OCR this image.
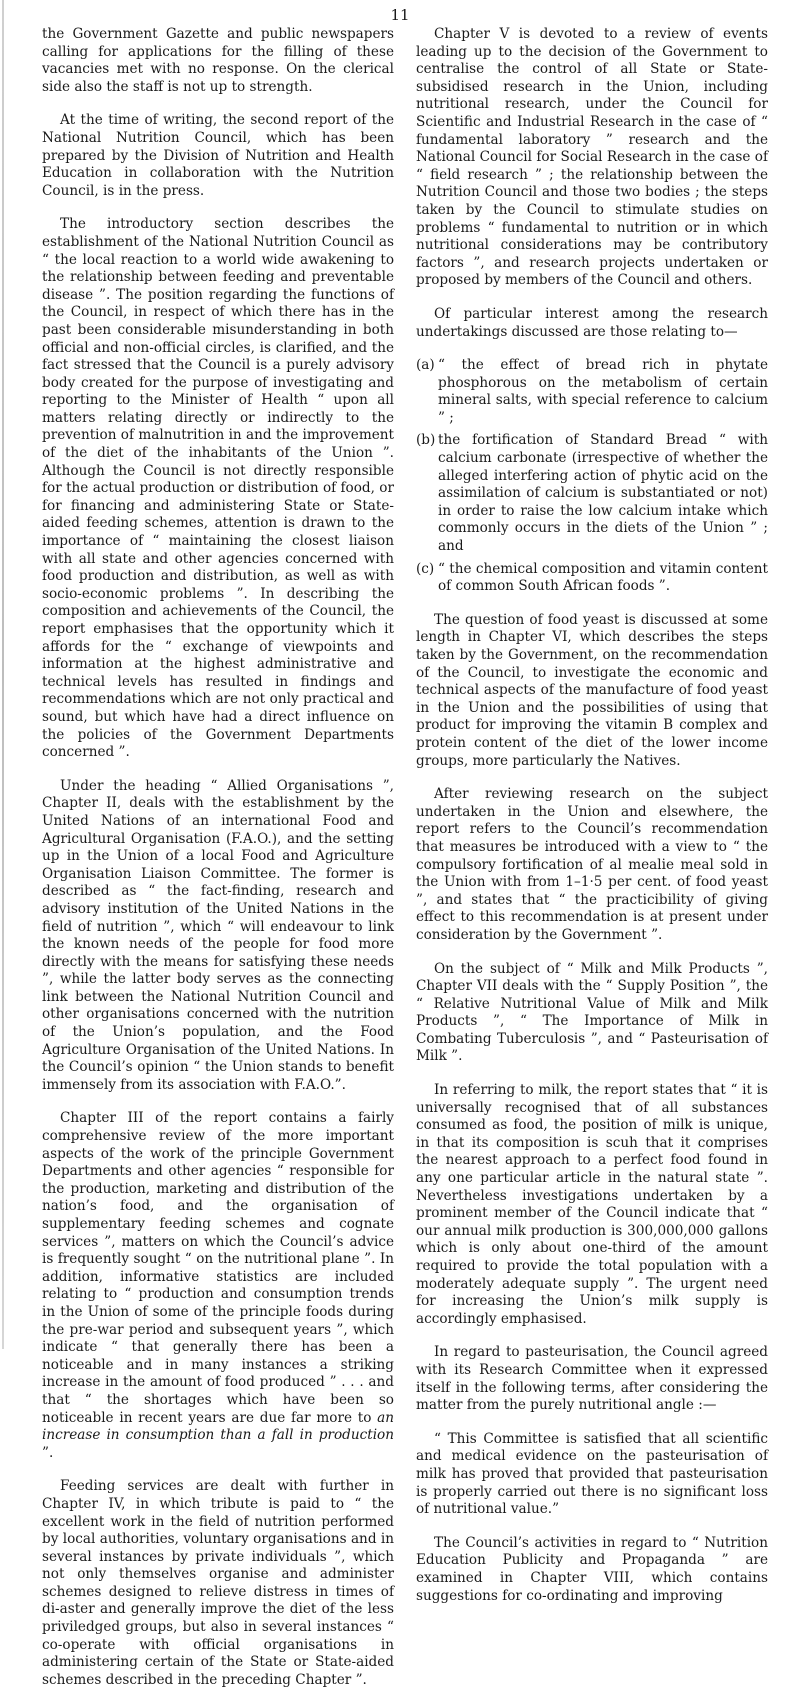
11

the Government Gazette and public newspapers calling for applications for the filling of these vacancies met with no response. On the clerical side also the staff is not up to strength.

At the time of writing, the second report of the National Nutrition Council, which has been prepared by the Division of Nutrition and Health Education in collaboration with the Nutrition Council, is in the press.

The introductory section describes the establishment of the National Nutrition Council as “ the local reaction to a world wide awakening to the relationship between feeding and preventable disease ”. The position regarding the functions of the Council, in respect of which there has in the past been considerable misunderstanding in both official and non-official circles, is clarified, and the fact stressed that the Council is a purely advisory body created for the purpose of investigating and reporting to the Minister of Health “ upon all matters relating directly or indirectly to the prevention of malnutrition in and the improvement of the diet of the inhabitants of the Union ”. Although the Council is not directly responsible for the actual production or distribution of food, or for financing and administering State or State-aided feeding schemes, attention is drawn to the importance of “ maintaining the closest liaison with all state and other agencies concerned with food production and distribution, as well as with socio-economic problems ”. In describing the composition and achievements of the Council, the report emphasises that the opportunity which it affords for the “ exchange of viewpoints and information at the highest administrative and technical levels has resulted in findings and recommendations which are not only practical and sound, but which have had a direct influence on the policies of the Government Departments concerned ”.

Under the heading “ Allied Organisations ”, Chapter II, deals with the establishment by the United Nations of an international Food and Agricultural Organisation (F.A.O.), and the setting up in the Union of a local Food and Agriculture Organisation Liaison Committee. The former is described as “ the fact-finding, research and advisory institution of the United Nations in the field of nutrition ”, which “ will endeavour to link the known needs of the people for food more directly with the means for satisfying these needs ”, while the latter body serves as the connecting link between the National Nutrition Council and other organisations concerned with the nutrition of the Union’s population, and the Food Agriculture Organisation of the United Nations. In the Council’s opinion “ the Union stands to benefit immensely from its association with F.A.O.”.

Chapter III of the report contains a fairly comprehensive review of the more important aspects of the work of the principle Government Departments and other agencies “ responsible for the production, marketing and distribution of the nation’s food, and the organisation of supplementary feeding schemes and cognate services ”, matters on which the Council’s advice is frequently sought “ on the nutritional plane ”. In addition, informative statistics are included relating to “ production and consumption trends in the Union of some of the principle foods during the pre-war period and subsequent years ”, which indicate “ that generally there has been a noticeable and in many instances a striking increase in the amount of food produced ” . . . and that “ the shortages which have been so noticeable in recent years are due far more to an increase in consumption than a fall in production ”.

Feeding services are dealt with further in Chapter IV, in which tribute is paid to “ the excellent work in the field of nutrition performed by local authorities, voluntary organisations and in several instances by private individuals ”, which not only themselves organise and administer schemes designed to relieve distress in times of di-aster and generally improve the diet of the less priviledged groups, but also in several instances “ co-operate with official organisations in administering certain of the State or State-aided schemes described in the preceding Chapter ”.

Chapter V is devoted to a review of events leading up to the decision of the Government to centralise the control of all State or State-subsidised research in the Union, including nutritional research, under the Council for Scientific and Industrial Research in the case of “ fundamental laboratory ” research and the National Council for Social Research in the case of “ field research ” ; the relationship between the Nutrition Council and those two bodies ; the steps taken by the Council to stimulate studies on problems “ fundamental to nutrition or in which nutritional considerations may be contributory factors ”, and research projects undertaken or proposed by members of the Council and others.

Of particular interest among the research undertakings discussed are those relating to—

(a) “ the effect of bread rich in phytate phosphorous on the metabolism of certain mineral salts, with special reference to calcium ” ;
(b) the fortification of Standard Bread “ with calcium carbonate (irrespective of whether the alleged interfering action of phytic acid on the assimilation of calcium is substantiated or not) in order to raise the low calcium intake which commonly occurs in the diets of the Union ” ; and
(c) “ the chemical composition and vitamin content of common South African foods ”.

The question of food yeast is discussed at some length in Chapter VI, which describes the steps taken by the Government, on the recommendation of the Council, to investigate the economic and technical aspects of the manufacture of food yeast in the Union and the possibilities of using that product for improving the vitamin B complex and protein content of the diet of the lower income groups, more particularly the Natives.

After reviewing research on the subject undertaken in the Union and elsewhere, the report refers to the Council’s recommendation that measures be introduced with a view to “ the compulsory fortification of al mealie meal sold in the Union with from 1–1·5 per cent. of food yeast ”, and states that “ the practicibility of giving effect to this recommendation is at present under consideration by the Government ”.

On the subject of “ Milk and Milk Products ”, Chapter VII deals with the “ Supply Position ”, the “ Relative Nutritional Value of Milk and Milk Products ”, “ The Importance of Milk in Combating Tuberculosis ”, and “ Pasteurisation of Milk ”.

In referring to milk, the report states that “ it is universally recognised that of all substances consumed as food, the position of milk is unique, in that its composition is scuh that it comprises the nearest approach to a perfect food found in any one particular article in the natural state ”. Nevertheless investigations undertaken by a prominent member of the Council indicate that “ our annual milk production is 300,000,000 gallons which is only about one-third of the amount required to provide the total population with a moderately adequate supply ”. The urgent need for increasing the Union’s milk supply is accordingly emphasised.

In regard to pasteurisation, the Council agreed with its Research Committee when it expressed itself in the following terms, after considering the matter from the purely nutritional angle :—

“ This Committee is satisfied that all scientific and medical evidence on the pasteurisation of milk has proved that provided that pasteurisation is properly carried out there is no significant loss of nutritional value.”

The Council’s activities in regard to “ Nutrition Education Publicity and Propaganda ” are examined in Chapter VIII, which contains suggestions for co-ordinating and improving
